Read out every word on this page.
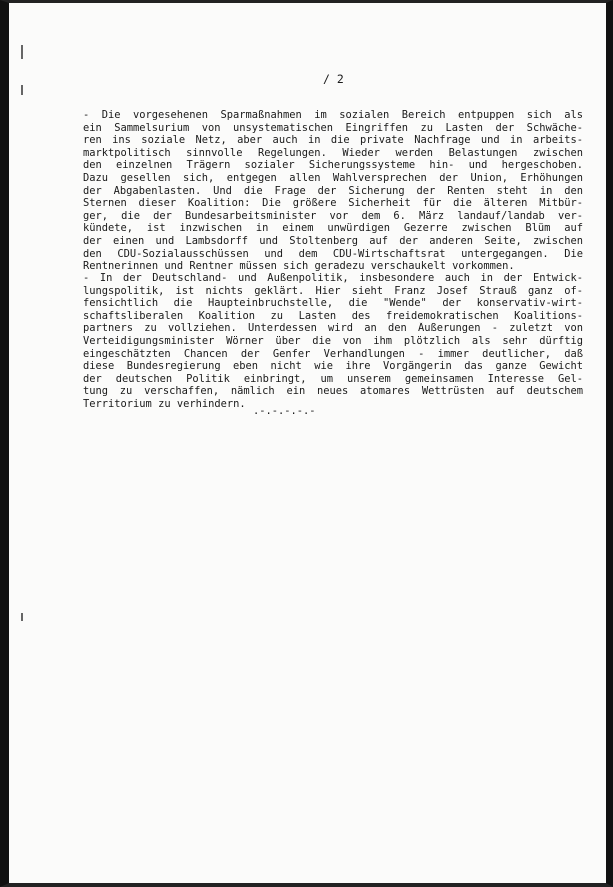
/ 2
- Die vorgesehenen Sparmaßnahmen im sozialen Bereich entpuppen sich als
ein Sammelsurium von unsystematischen Eingriffen zu Lasten der Schwäche-
ren ins soziale Netz, aber auch in die private Nachfrage und in arbeits-
marktpolitisch sinnvolle Regelungen. Wieder werden Belastungen zwischen
den einzelnen Trägern sozialer Sicherungssysteme hin- und hergeschoben.
Dazu gesellen sich, entgegen allen Wahlversprechen der Union, Erhöhungen
der Abgabenlasten. Und die Frage der Sicherung der Renten steht in den
Sternen dieser Koalition: Die größere Sicherheit für die älteren Mitbür-
ger, die der Bundesarbeitsminister vor dem 6. März landauf/landab ver-
kündete, ist inzwischen in einem unwürdigen Gezerre zwischen Blüm auf
der einen und Lambsdorff und Stoltenberg auf der anderen Seite, zwischen
den CDU-Sozialausschüssen und dem CDU-Wirtschaftsrat untergegangen. Die
Rentnerinnen und Rentner müssen sich geradezu verschaukelt vorkommen.
- In der Deutschland- und Außenpolitik, insbesondere auch in der Entwick-
lungspolitik, ist nichts geklärt. Hier sieht Franz Josef Strauß ganz of-
fensichtlich die Haupteinbruchstelle, die "Wende" der konservativ-wirt-
schaftsliberalen Koalition zu Lasten des freidemokratischen Koalitions-
partners zu vollziehen. Unterdessen wird an den Äußerungen - zuletzt von
Verteidigungsminister Wörner über die von ihm plötzlich als sehr dürftig
eingeschätzten Chancen der Genfer Verhandlungen - immer deutlicher, daß
diese Bundesregierung eben nicht wie ihre Vorgängerin das ganze Gewicht
der deutschen Politik einbringt, um unserem gemeinsamen Interesse Gel-
tung zu verschaffen, nämlich ein neues atomares Wettrüsten auf deutschem
Territorium zu verhindern.
.-.-.-.-.-
